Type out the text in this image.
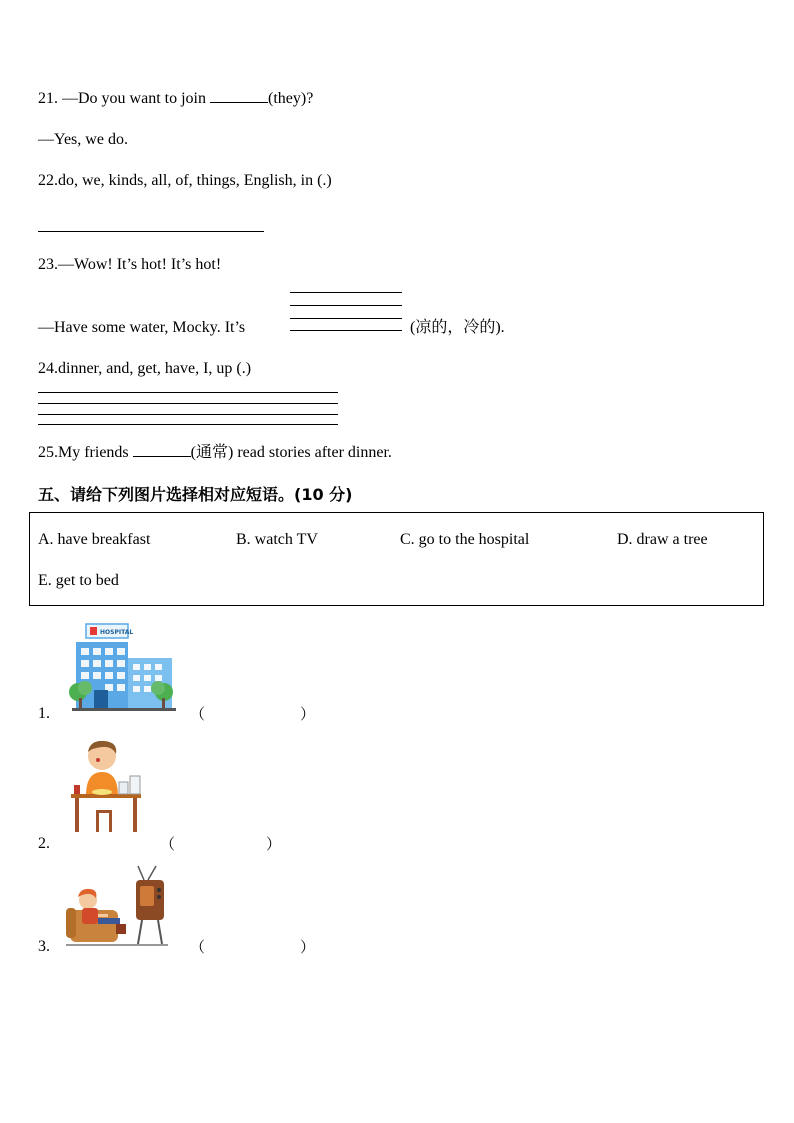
21. —Do you want to join	(they)?
—Yes, we do.
22.do, we, kinds, all, of, things, English, in (.)
23.—Wow! It’s hot! It’s hot!
—Have some water, Mocky. It’s	(凉的，冷的).
24.dinner, and, get, have, I, up (.)
25.My friends	(通常) read stories after dinner.
五、请给下列图片选择相对应短语。(10 分)
A. have breakfast	B. watch TV	C. go to the hospital	D. draw a tree
E. get to bed
1.
HOSPITAL
（	）
2.	（	）
3.	（	）
